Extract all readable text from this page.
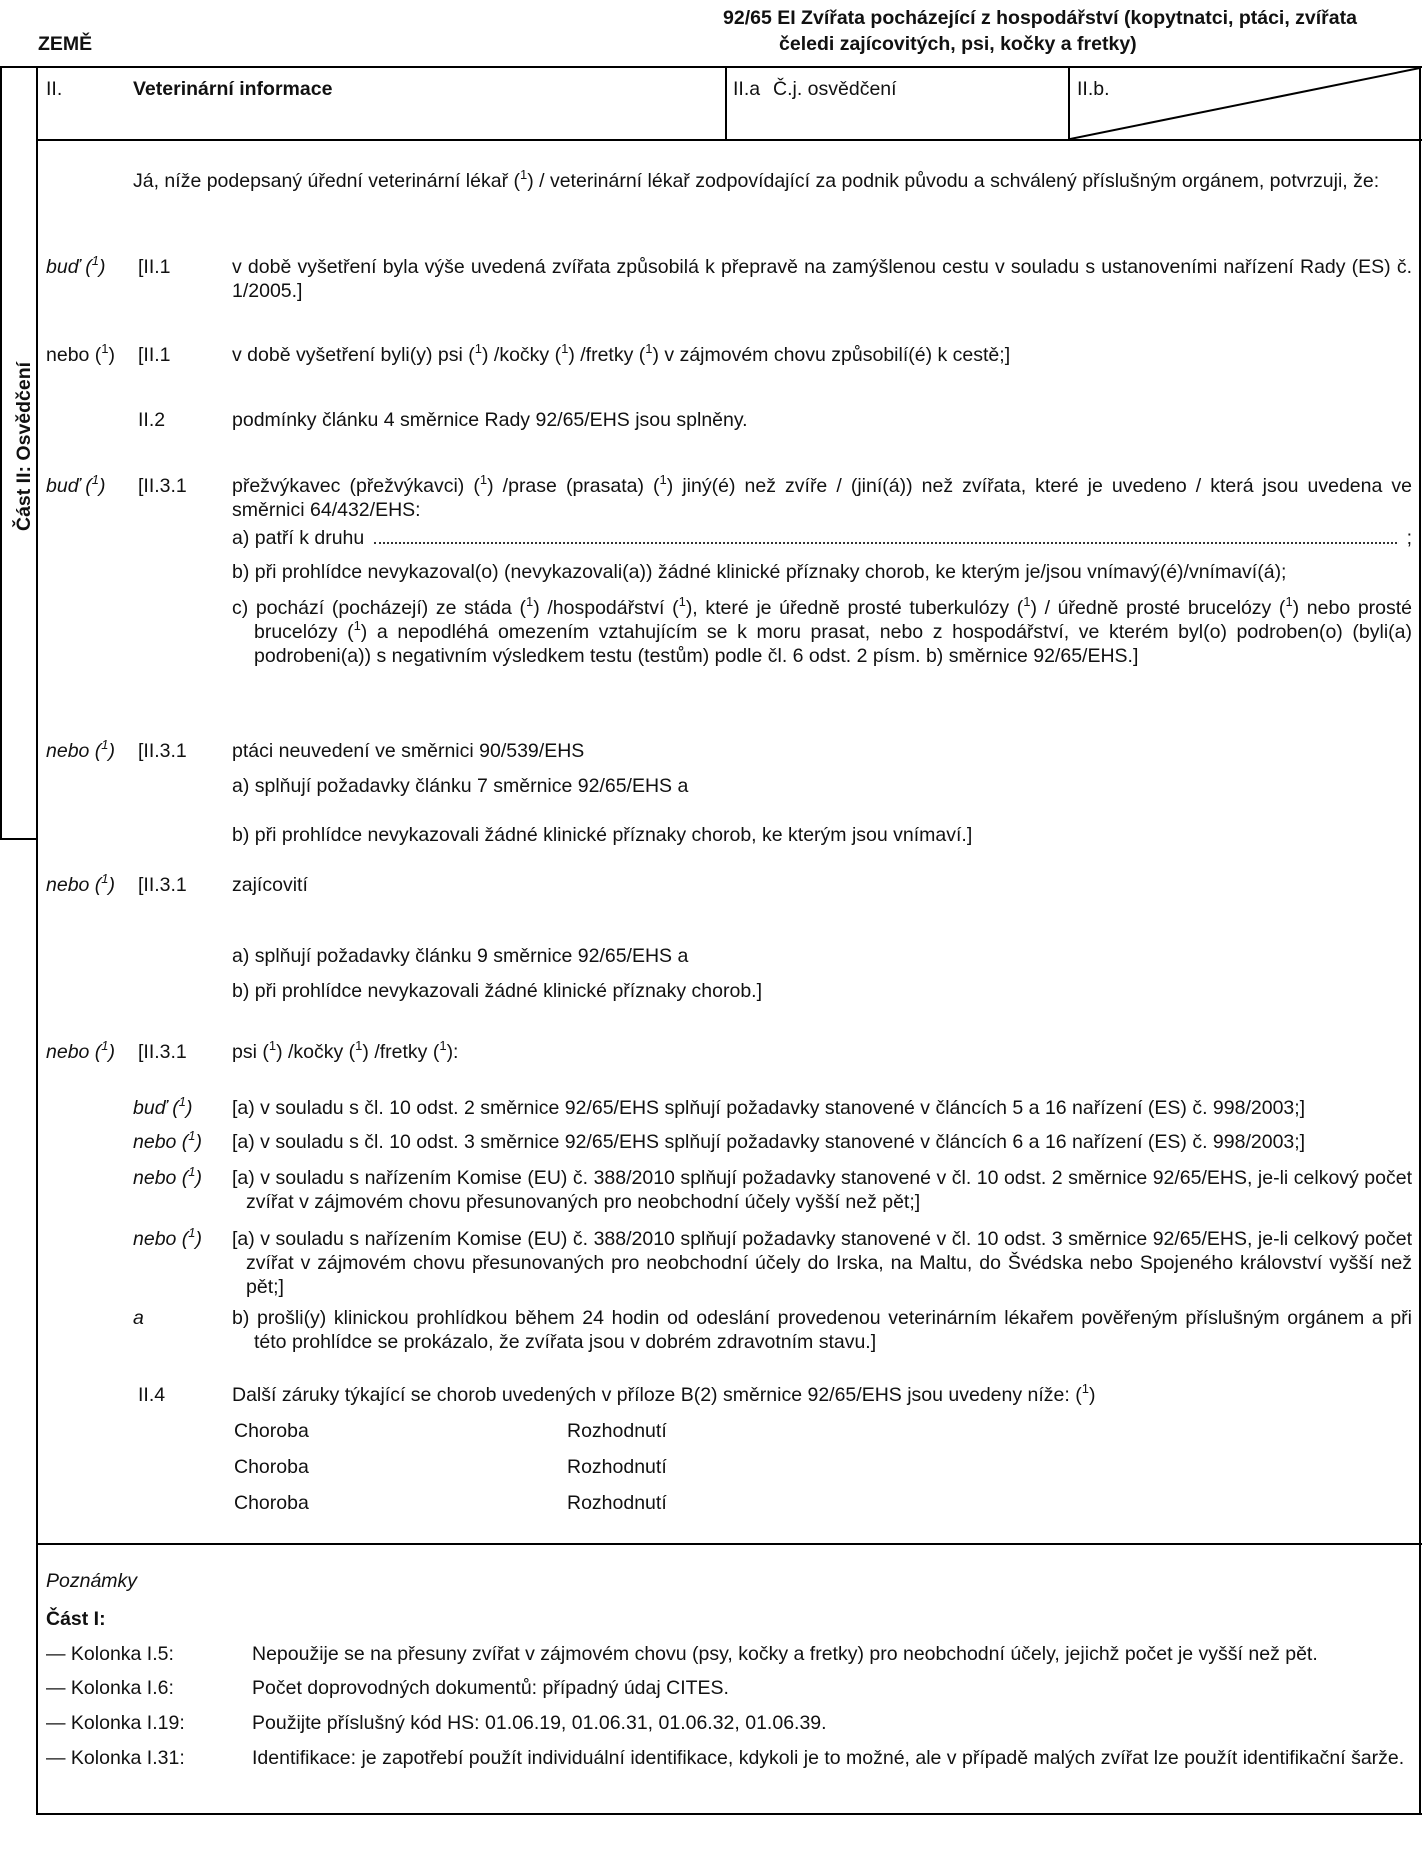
ZEMĚ
92/65 EI Zvířata pocházející z hospodářství (kopytnatci, ptáci, zvířata
čeledi zajícovitých, psi, kočky a fretky)
II.	Veterinární informace	II.a Č.j. osvědčení	II.b.
Část II: Osvědčení
Já, níže podepsaný úřední veterinární lékař ($^1$) / veterinární lékař zodpovídající za podnik původu a schválený příslušným orgánem, potvrzuji, že:
buď ($^1$) [II.1	v době vyšetření byla výše uvedená zvířata způsobilá k přepravě na zamýšlenou cestu v souladu s ustanoveními nařízení Rady (ES) č. 1/2005.]
nebo ($^1$) [II.1	v době vyšetření byli(y) psi ($^1$) /kočky ($^1$) /fretky ($^1$) v zájmovém chovu způsobilí(é) k cestě;]
II.2	podmínky článku 4 směrnice Rady 92/65/EHS jsou splněny.
buď ($^1$) [II.3.1 přežvýkavec (přežvýkavci) ($^1$) /prase (prasata) ($^1$) jiný(é) než zvíře / (jiní(á)) než zvířata, které je uvedeno / která jsou uvedena ve směrnici 64/432/EHS:
a) patří k druhu	;
b) při prohlídce nevykazoval(o) (nevykazovali(a)) žádné klinické příznaky chorob, ke kterým je/jsou vnímavý(é)/vnímaví(á);
c) pochází (pocházejí) ze stáda ($^1$) /hospodářství ($^1$), které je úředně prosté tuberkulózy ($^1$) / úředně prosté brucelózy ($^1$) nebo prosté brucelózy ($^1$) a nepodléhá omezením vztahujícím se k moru prasat, nebo z hospodářství, ve kterém byl(o) podroben(o) (byli(a) podrobeni(a)) s negativním výsledkem testu (testům) podle čl. 6 odst. 2 písm. b) směrnice 92/65/EHS.]
nebo ($^1$) [II.3.1 ptáci neuvedení ve směrnici 90/539/EHS
a) splňují požadavky článku 7 směrnice 92/65/EHS a
b) při prohlídce nevykazovali žádné klinické příznaky chorob, ke kterým jsou vnímaví.]
nebo ($^1$) [II.3.1 zajícovití
a) splňují požadavky článku 9 směrnice 92/65/EHS a
b) při prohlídce nevykazovali žádné klinické příznaky chorob.]
nebo ($^1$) [II.3.1 psi ($^1$) /kočky ($^1$) /fretky ($^1$):
buď ($^1$) [a) v souladu s čl. 10 odst. 2 směrnice 92/65/EHS splňují požadavky stanovené v článcích 5 a 16 nařízení (ES) č. 998/2003;]
nebo ($^1$) [a) v souladu s čl. 10 odst. 3 směrnice 92/65/EHS splňují požadavky stanovené v článcích 6 a 16 nařízení (ES) č. 998/2003;]
nebo ($^1$) [a) v souladu s nařízením Komise (EU) č. 388/2010 splňují požadavky stanovené v čl. 10 odst. 2 směrnice 92/65/EHS, je-li celkový počet zvířat v zájmovém chovu přesunovaných pro neobchodní účely vyšší než pět;]
nebo ($^1$) [a) v souladu s nařízením Komise (EU) č. 388/2010 splňují požadavky stanovené v čl. 10 odst. 3 směrnice 92/65/EHS, je-li celkový počet zvířat v zájmovém chovu přesunovaných pro neobchodní účely do Irska, na Maltu, do Švédska nebo Spojeného království vyšší než pět;]
a	b) prošli(y) klinickou prohlídkou během 24 hodin od odeslání provedenou veterinárním lékařem pověřeným příslušným orgánem a při této prohlídce se prokázalo, že zvířata jsou v dobrém zdravotním stavu.]
II.4	Další záruky týkající se chorob uvedených v příloze B(2) směrnice 92/65/EHS jsou uvedeny níže: ($^1$)
Choroba	Rozhodnutí
Choroba	Rozhodnutí
Choroba	Rozhodnutí
Poznámky
Část I:
— Kolonka I.5:	Nepoužije se na přesuny zvířat v zájmovém chovu (psy, kočky a fretky) pro neobchodní účely, jejichž počet je vyšší než pět.
— Kolonka I.6:	Počet doprovodných dokumentů: případný údaj CITES.
— Kolonka I.19:	Použijte příslušný kód HS: 01.06.19, 01.06.31, 01.06.32, 01.06.39.
— Kolonka I.31:	Identifikace: je zapotřebí použít individuální identifikace, kdykoli je to možné, ale v případě malých zvířat lze použít identifikační šarže.
